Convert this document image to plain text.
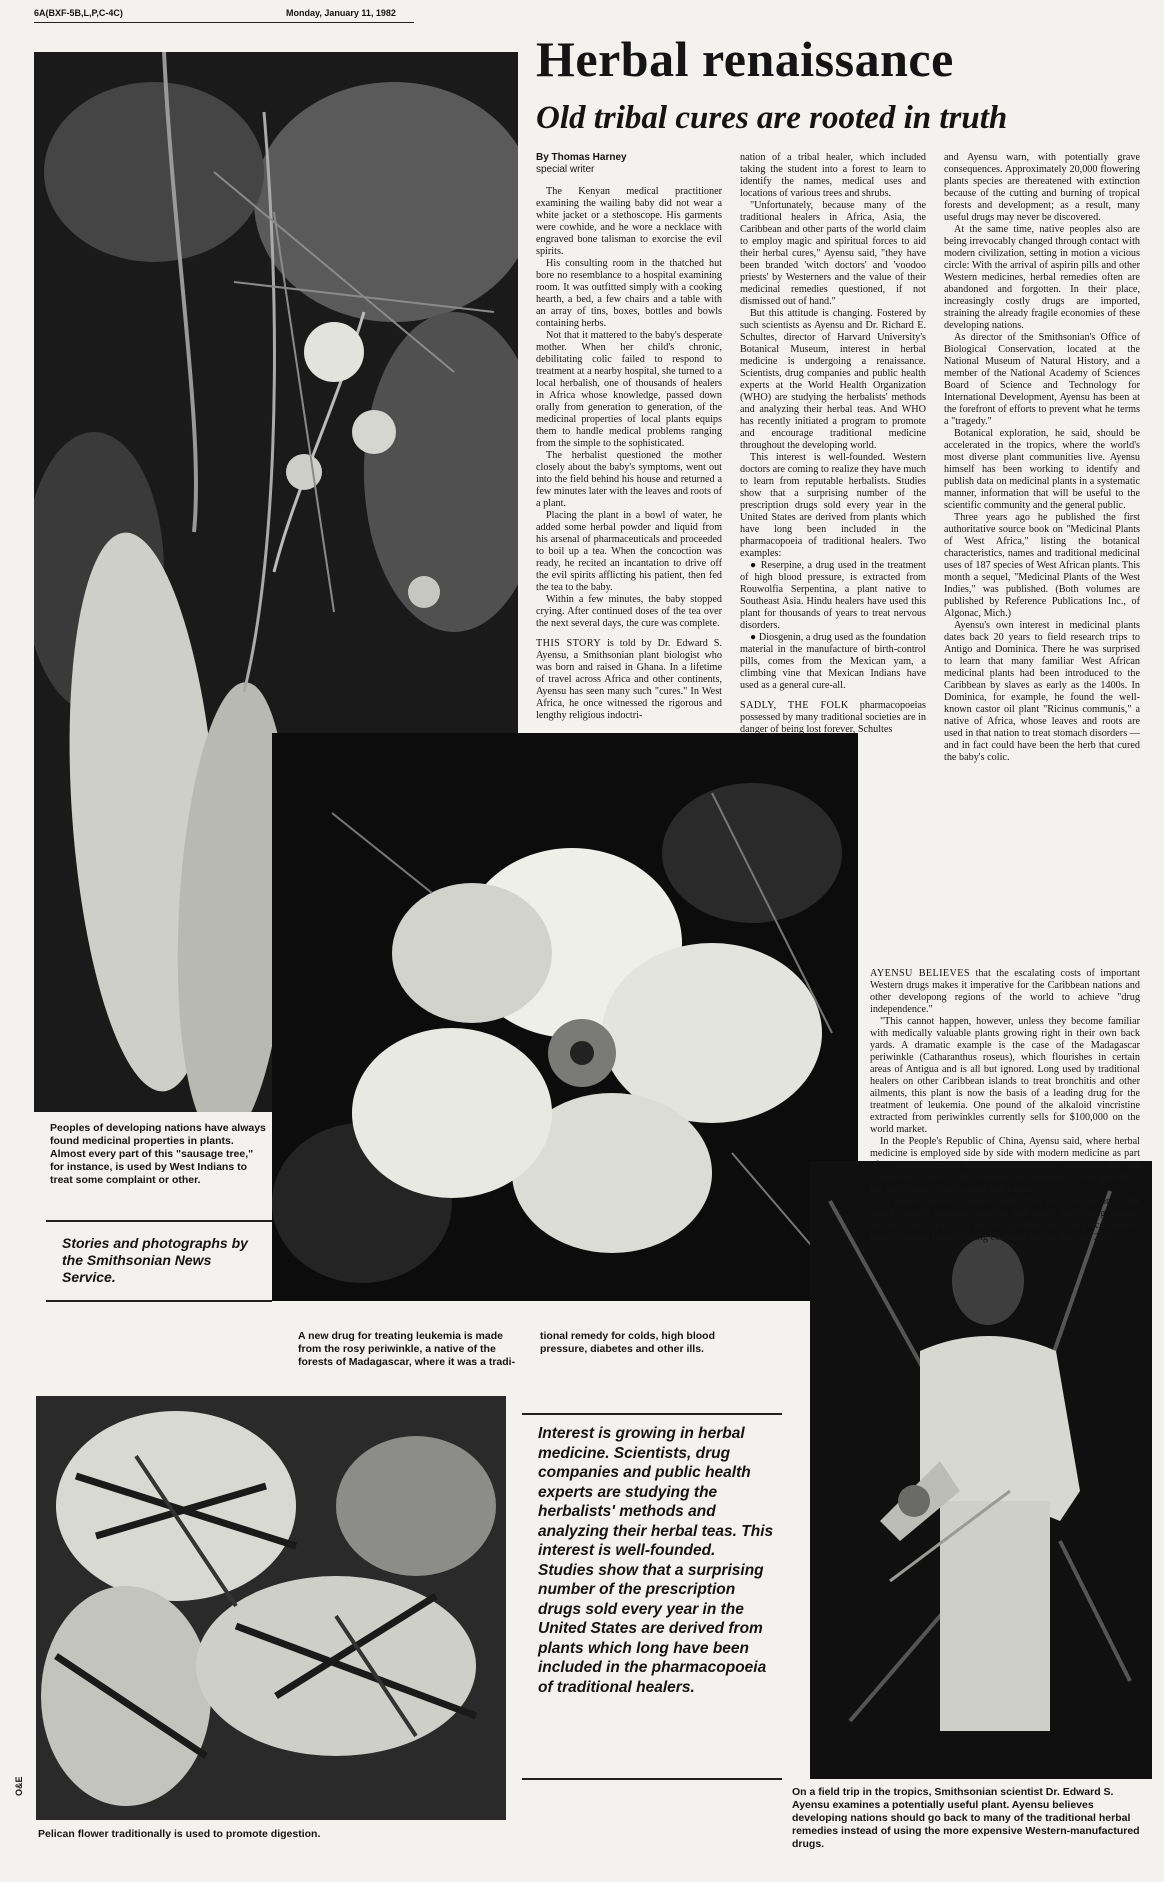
6A(BXF-5B,L,P,C-4C)	Monday, January 11, 1982
O&E
Herbal renaissance
Old tribal cures are rooted in truth
By Thomas Harney
special writer

The Kenyan medical practitioner examining the wailing baby did not wear a white jacket or a stethoscope. His garments were cowhide, and he wore a necklace with engraved bone talisman to exorcise the evil spirits.

His consulting room in the thatched hut bore no resemblance to a hospital examining room. It was outfitted simply with a cooking hearth, a bed, a few chairs and a table with an array of tins, boxes, bottles and bowls containing herbs.

Not that it mattered to the baby's desperate mother. When her child's chronic, debilitating colic failed to respond to treatment at a nearby hospital, she turned to a local herbalish, one of thousands of healers in Africa whose knowledge, passed down orally from generation to generation, of the medicinal properties of local plants equips them to handle medical problems ranging from the simple to the sophisticated.

The herbalist questioned the mother closely about the baby's symptoms, went out into the field behind his house and returned a few minutes later with the leaves and roots of a plant.

Placing the plant in a bowl of water, he added some herbal powder and liquid from his arsenal of pharmaceuticals and proceeded to boil up a tea. When the concoction was ready, he recited an incantation to drive off the evil spirits afflicting his patient, then fed the tea to the baby.

Within a few minutes, the baby stopped crying. After continued doses of the tea over the next several days, the cure was complete.

THIS STORY is told by Dr. Edward S. Ayensu, a Smithsonian plant biologist who was born and raised in Ghana. In a lifetime of travel across Africa and other continents, Ayensu has seen many such "cures." In West Africa, he once witnessed the rigorous and lengthy religious indoctri-

nation of a tribal healer, which included taking the student into a forest to learn to identify the names, medical uses and locations of various trees and shrubs.

"Unfortunately, because many of the traditional healers in Africa, Asia, the Caribbean and other parts of the world claim to employ magic and spiritual forces to aid their herbal cures," Ayensu said, "they have been branded 'witch doctors' and 'voodoo priests' by Westerners and the value of their medicinal remedies questioned, if not dismissed out of hand."

But this attitude is changing. Fostered by such scientists as Ayensu and Dr. Richard E. Schultes, director of Harvard University's Botanical Museum, interest in herbal medicine is undergoing a renaissance. Scientists, drug companies and public health experts at the World Health Organization (WHO) are studying the herbalists' methods and analyzing their herbal teas. And WHO has recently initiated a program to promote and encourage traditional medicine throughout the developing world.

This interest is well-founded. Western doctors are coming to realize they have much to learn from reputable herbalists. Studies show that a surprising number of the prescription drugs sold every year in the United States are derived from plants which have long been included in the pharmacopoeia of traditional healers. Two examples:

● Reserpine, a drug used in the treatment of high blood pressure, is extracted from Rouwolfia Serpentina, a plant native to Southeast Asia. Hindu healers have used this plant for thousands of years to treat nervous disorders.

● Diosgenin, a drug used as the foundation material in the manufacture of birth-control pills, comes from the Mexican yam, a climbing vine that Mexican Indians have used as a general cure-all.

SADLY, THE FOLK pharmacopoeias possessed by many traditional societies are in danger of being lost forever, Schultes

and Ayensu warn, with potentially grave consequences. Approximately 20,000 flowering plants species are thereatened with extinction because of the cutting and burning of tropical forests and development; as a result, many useful drugs may never be discovered.

At the same time, native peoples also are being irrevocably changed through contact with modern civilization, setting in motion a vicious circle: With the arrival of aspirin pills and other Western medicines, herbal remedies often are abandoned and forgotten. In their place, increasingly costly drugs are imported, straining the already fragile economies of these developing nations.

As director of the Smithsonian's Office of Biological Conservation, located at the National Museum of Natural History, and a member of the National Academy of Sciences Board of Science and Technology for International Development, Ayensu has been at the forefront of efforts to prevent what he terms a "tragedy."

Botanical exploration, he said, should be accelerated in the tropics, where the world's most diverse plant communities live. Ayensu himself has been working to identify and publish data on medicinal plants in a systematic manner, information that will be useful to the scientific community and the general public.

Three years ago he published the first authoritative source book on "Medicinal Plants of West Africa," listing the botanical characteristics, names and traditional medicinal uses of 187 species of West African plants. This month a sequel, "Medicinal Plants of the West Indies," was published. (Both volumes are published by Reference Publications Inc., of Algonac, Mich.)

Ayensu's own interest in medicinal plants dates back 20 years to field research trips to Antigo and Dominica. There he was surprised to learn that many familiar West African medicinal plants had been introduced to the Caribbean by slaves as early as the 1400s. In Dominica, for example, he found the well-known castor oil plant "Ricinus communis," a native of Africa, whose leaves and roots are used in that nation to treat stomach disorders — and in fact could have been the herb that cured the baby's colic.

AYENSU BELIEVES that the escalating costs of important Western drugs makes it imperative for the Caribbean nations and other developong regions of the world to achieve "drug independence."

"This cannot happen, however, unless they become familiar with medically valuable plants growing right in their own back yards. A dramatic example is the case of the Madagascar periwinkle (Catharanthus roseus), which flourishes in certain areas of Antigua and is all but ignored. Long used by traditional healers on other Caribbean islands to treat bronchitis and other ailments, this plant is now the basis of a leading drug for the treatment of leukemia. One pound of the alkaloid vincristine extracted from periwinkles currently sells for $100,000 on the world market.

In the People's Republic of China, Ayensu said, where herbal medicine is employed side by side with modern medicine as part of a comprehensive health care program in cities and the countryside, literally all available soil suitable for the growth of the periwinkle plant is under cultivation.

"It seems obvious," Ayensu said, "that the complexion of the world's health situation requires that other developing nations follow China's lead. It is just not possible for us to place Western health systems in developing countries before the year 2000."

Peoples of developing nations have always found medicinal properties in plants. Almost every part of this "sausage tree," for instance, is used by West Indians to treat some complaint or other.
Stories and photographs by the Smithsonian News Service.
A new drug for treating leukemia is made from the rosy periwinkle, a native of the forests of Madagascar, where it was a tradi-
tional remedy for colds, high blood pressure, diabetes and other ills.
Interest is growing in herbal medicine. Scientists, drug companies and public health experts are studying the herbalists' methods and analyzing their herbal teas. This interest is well-founded. Studies show that a surprising number of the prescription drugs sold every year in the United States are derived from plants which long have been included in the pharmacopoeia of traditional healers.
Pelican flower traditionally is used to promote digestion.
On a field trip in the tropics, Smithsonian scientist Dr. Edward S. Ayensu examines a potentially useful plant. Ayensu believes developing nations should go back to many of the traditional herbal remedies instead of using the more expensive Western-manufactured drugs.
